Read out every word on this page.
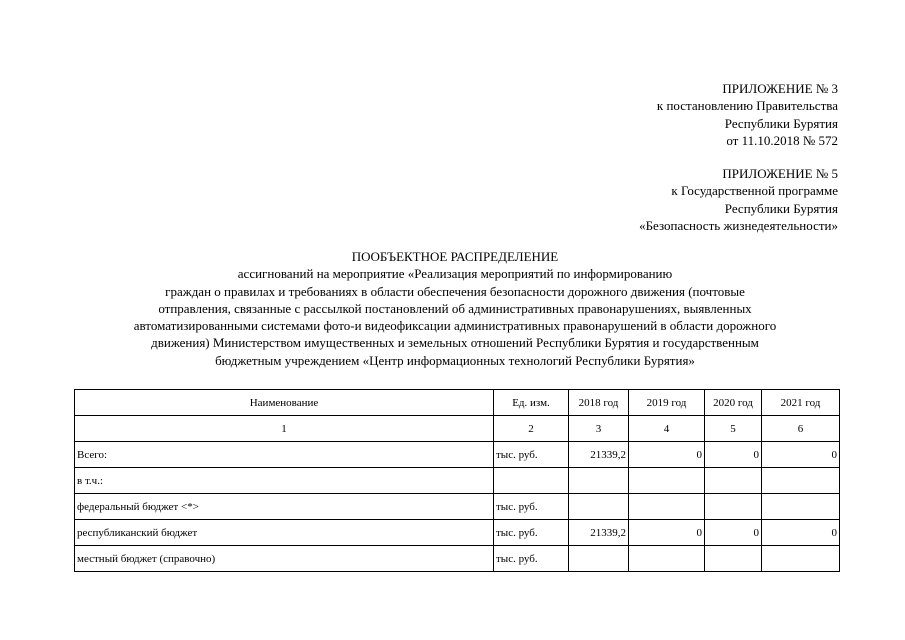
ПРИЛОЖЕНИЕ № 3
к постановлению Правительства
Республики Бурятия
от 11.10.2018 № 572
ПРИЛОЖЕНИЕ № 5
к Государственной программе
Республики Бурятия
«Безопасность жизнедеятельности»
ПООБЪЕКТНОЕ РАСПРЕДЕЛЕНИЕ
ассигнований на мероприятие «Реализация мероприятий по информированию
граждан о правилах и требованиях в области обеспечения безопасности дорожного движения (почтовые
отправления, связанные с рассылкой постановлений об административных правонарушениях, выявленных
автоматизированными системами фото-и видеофиксации административных правонарушений в области дорожного
движения) Министерством имущественных и земельных отношений Республики Бурятия и государственным
бюджетным учреждением «Центр информационных технологий Республики Бурятия»
Наименование	Ед. изм.	2018 год	2019 год	2020 год	2021 год
1	2	3	4	5	6
Всего:	тыс. руб.	21339,2	0	0	0
в т.ч.:					
федеральный бюджет <*>	тыс. руб.				
республиканский бюджет	тыс. руб.	21339,2	0	0	0
местный бюджет (справочно)	тыс. руб.				
